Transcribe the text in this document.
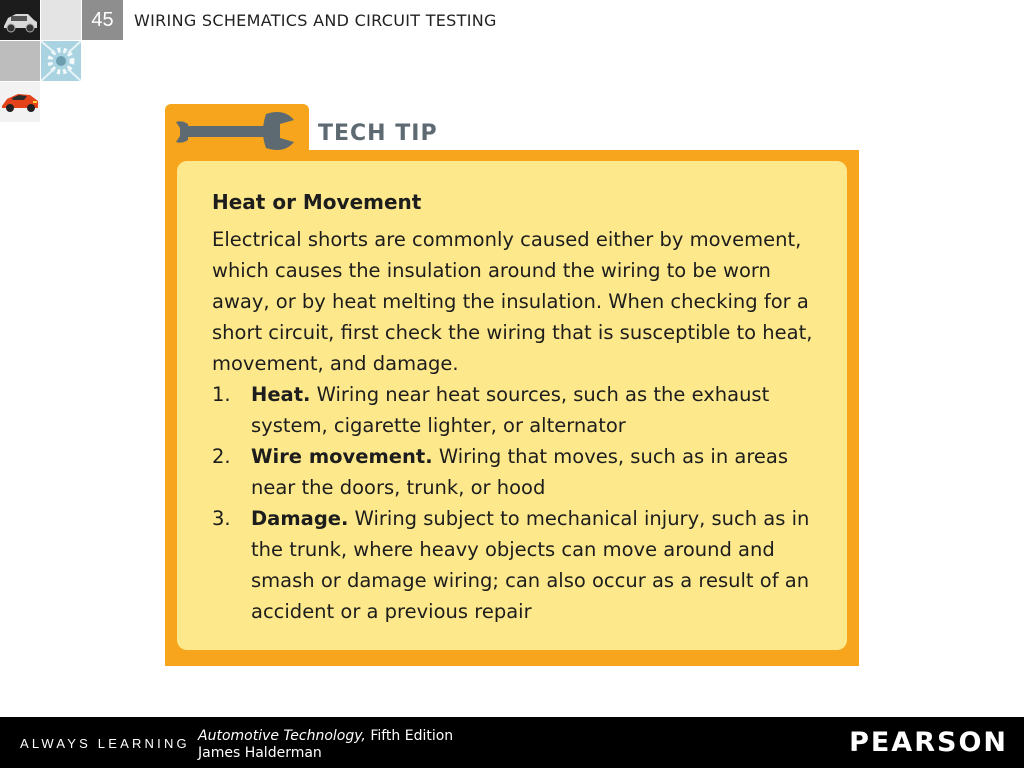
45 WIRING SCHEMATICS AND CIRCUIT TESTING
TECH TIP
Heat or Movement

Electrical shorts are commonly caused either by movement, which causes the insulation around the wiring to be worn away, or by heat melting the insulation. When checking for a short circuit, first check the wiring that is susceptible to heat, movement, and damage.

1.	Heat. Wiring near heat sources, such as the exhaust system, cigarette lighter, or alternator
2.	Wire movement. Wiring that moves, such as in areas near the doors, trunk, or hood
3.	Damage. Wiring subject to mechanical injury, such as in the trunk, where heavy objects can move around and smash or damage wiring; can also occur as a result of an accident or a previous repair
ALWAYS LEARNING Automotive Technology, Fifth Edition
James Halderman	PEARSON
